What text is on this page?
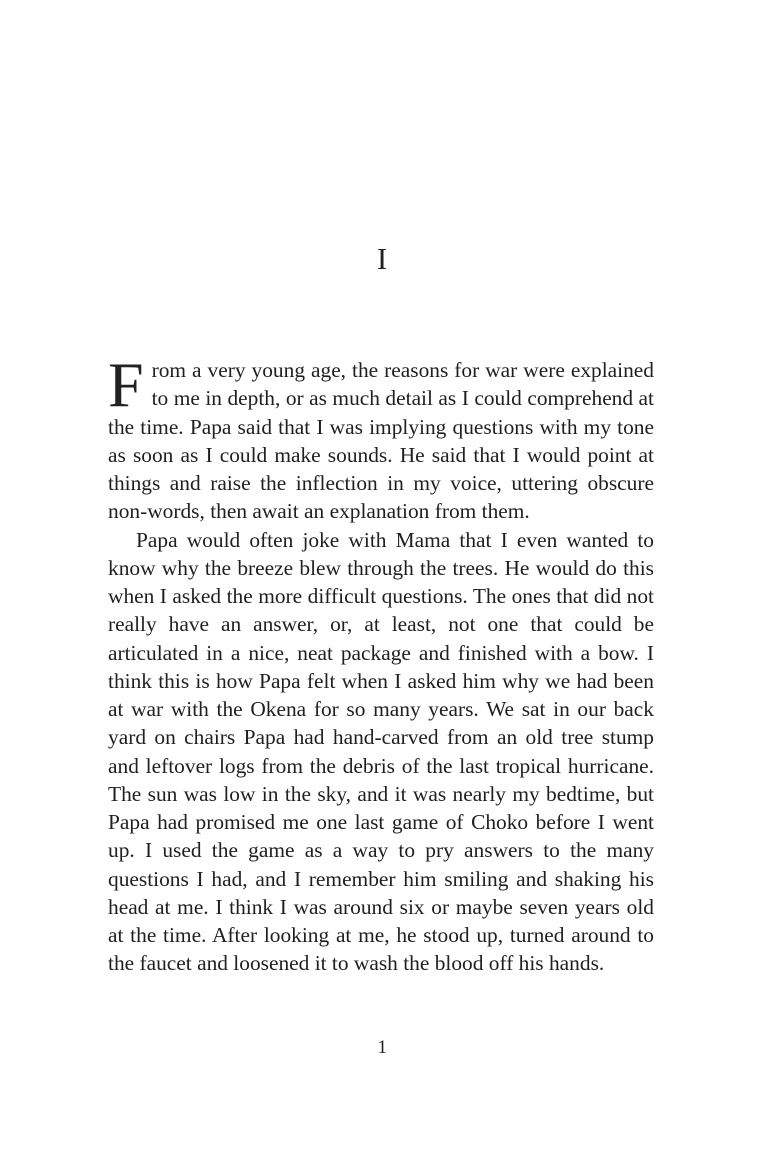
I

From a very young age, the reasons for war were explained to me in depth, or as much detail as I could comprehend at the time. Papa said that I was implying questions with my tone as soon as I could make sounds. He said that I would point at things and raise the inflection in my voice, uttering obscure non-words, then await an explanation from them.

Papa would often joke with Mama that I even wanted to know why the breeze blew through the trees. He would do this when I asked the more difficult questions. The ones that did not really have an answer, or, at least, not one that could be articulated in a nice, neat package and finished with a bow. I think this is how Papa felt when I asked him why we had been at war with the Okena for so many years. We sat in our back yard on chairs Papa had hand-carved from an old tree stump and leftover logs from the debris of the last tropical hurricane. The sun was low in the sky, and it was nearly my bedtime, but Papa had promised me one last game of Choko before I went up. I used the game as a way to pry answers to the many questions I had, and I remember him smiling and shaking his head at me. I think I was around six or maybe seven years old at the time. After looking at me, he stood up, turned around to the faucet and loosened it to wash the blood off his hands.

1
